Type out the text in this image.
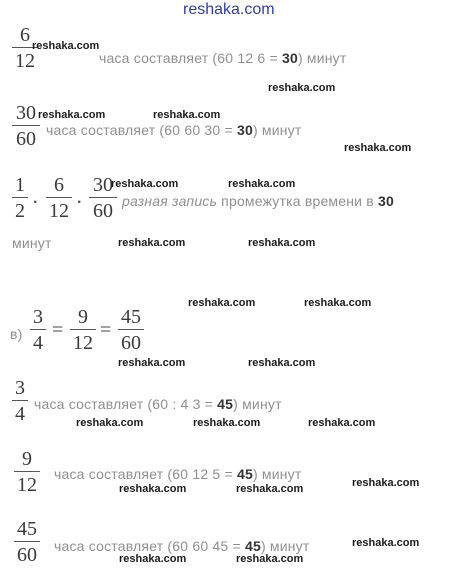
reshaka.com
6
12
reshaka.com
часа составляет (60 12 6 = 30) минут
reshaka.com
30
60
reshaka.com	reshaka.com
часа составляет (60 60 30 = 30) минут
reshaka.com
1
2
.
6
12
.
30
60
reshaka.com	reshaka.com
разная запись промежутка времени в 30
минут	reshaka.com	reshaka.com
reshaka.com	reshaka.com
в)
3
4
=
9
12
=
45
60
reshaka.com	reshaka.com
3
4 часа составляет (60 : 4 3 = 45) минут
reshaka.com	reshaka.com	reshaka.com
9
12 часа составляет (60 12 5 = 45) минут
reshaka.com
reshaka.com	reshaka.com
45
60 часа составляет (60 60 45 = 45) минут	reshaka.com
reshaka.com	reshaka.com
